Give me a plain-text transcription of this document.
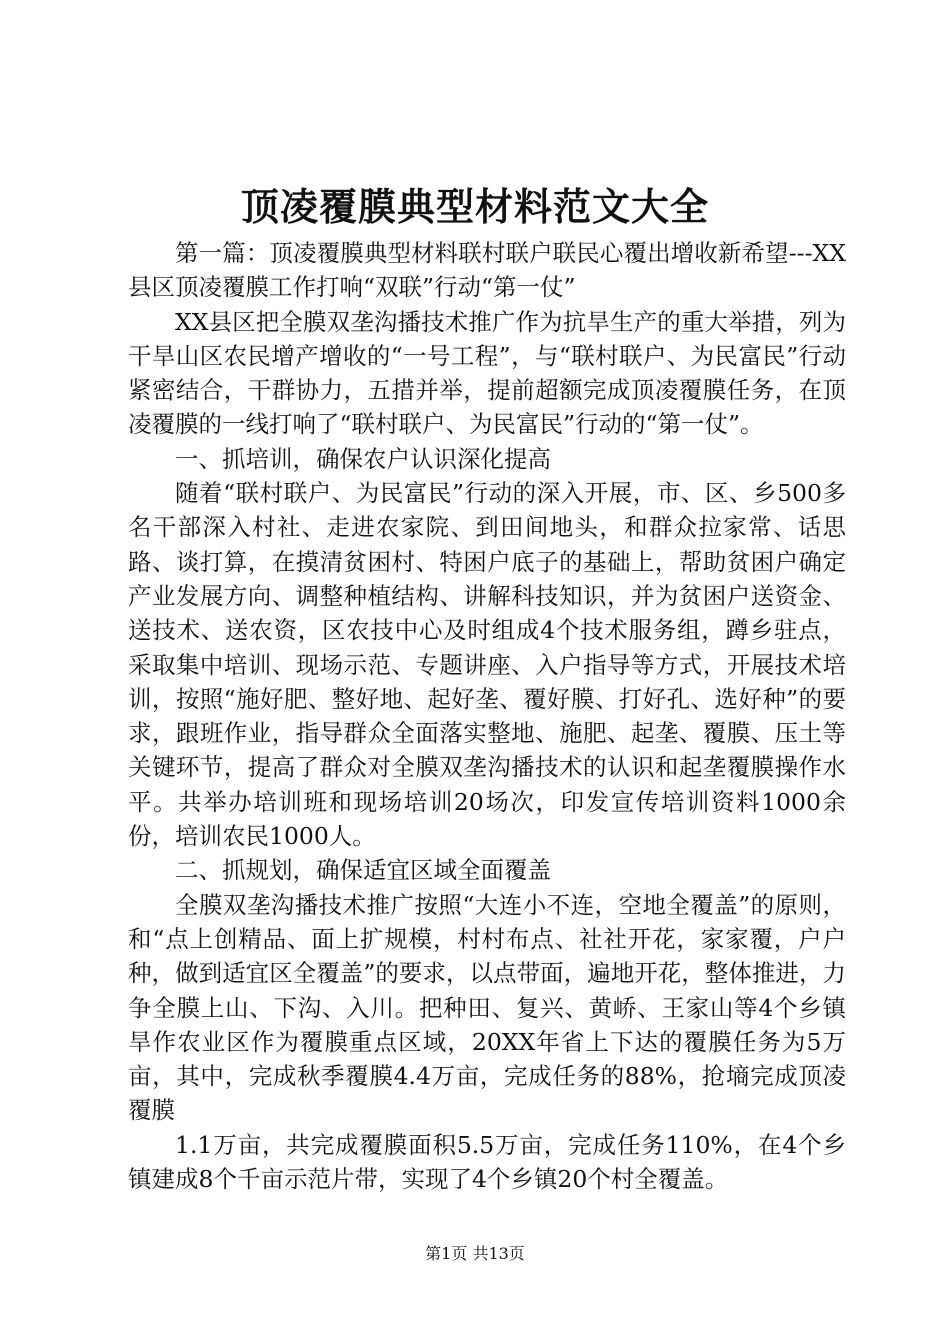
顶凌覆膜典型材料范文大全

第一篇：顶凌覆膜典型材料联村联户联民心覆出增收新希望---XX县区顶凌覆膜工作打响“双联”行动“第一仗”

XX县区把全膜双垄沟播技术推广作为抗旱生产的重大举措，列为干旱山区农民增产增收的“一号工程”，与“联村联户、为民富民”行动紧密结合，干群协力，五措并举，提前超额完成顶凌覆膜任务，在顶凌覆膜的一线打响了“联村联户、为民富民”行动的“第一仗”。

一、抓培训，确保农户认识深化提高

随着“联村联户、为民富民”行动的深入开展，市、区、乡500多名干部深入村社、走进农家院、到田间地头，和群众拉家常、话思路、谈打算，在摸清贫困村、特困户底子的基础上，帮助贫困户确定产业发展方向、调整种植结构、讲解科技知识，并为贫困户送资金、送技术、送农资，区农技中心及时组成4个技术服务组，蹲乡驻点，采取集中培训、现场示范、专题讲座、入户指导等方式，开展技术培训，按照“施好肥、整好地、起好垄、覆好膜、打好孔、选好种”的要求，跟班作业，指导群众全面落实整地、施肥、起垄、覆膜、压土等关键环节，提高了群众对全膜双垄沟播技术的认识和起垄覆膜操作水平。共举办培训班和现场培训20场次，印发宣传培训资料1000余份，培训农民1000人。

二、抓规划，确保适宜区域全面覆盖

全膜双垄沟播技术推广按照“大连小不连，空地全覆盖”的原则，和“点上创精品、面上扩规模，村村布点、社社开花，家家覆，户户种，做到适宜区全覆盖”的要求，以点带面，遍地开花，整体推进，力争全膜上山、下沟、入川。把种田、复兴、黄峤、王家山等4个乡镇旱作农业区作为覆膜重点区域，20XX年省上下达的覆膜任务为5万亩，其中，完成秋季覆膜4.4万亩，完成任务的88%，抢墒完成顶凌覆膜

1.1万亩，共完成覆膜面积5.5万亩，完成任务110%，在4个乡镇建成8个千亩示范片带，实现了4个乡镇20个村全覆盖。

第1页 共13页
